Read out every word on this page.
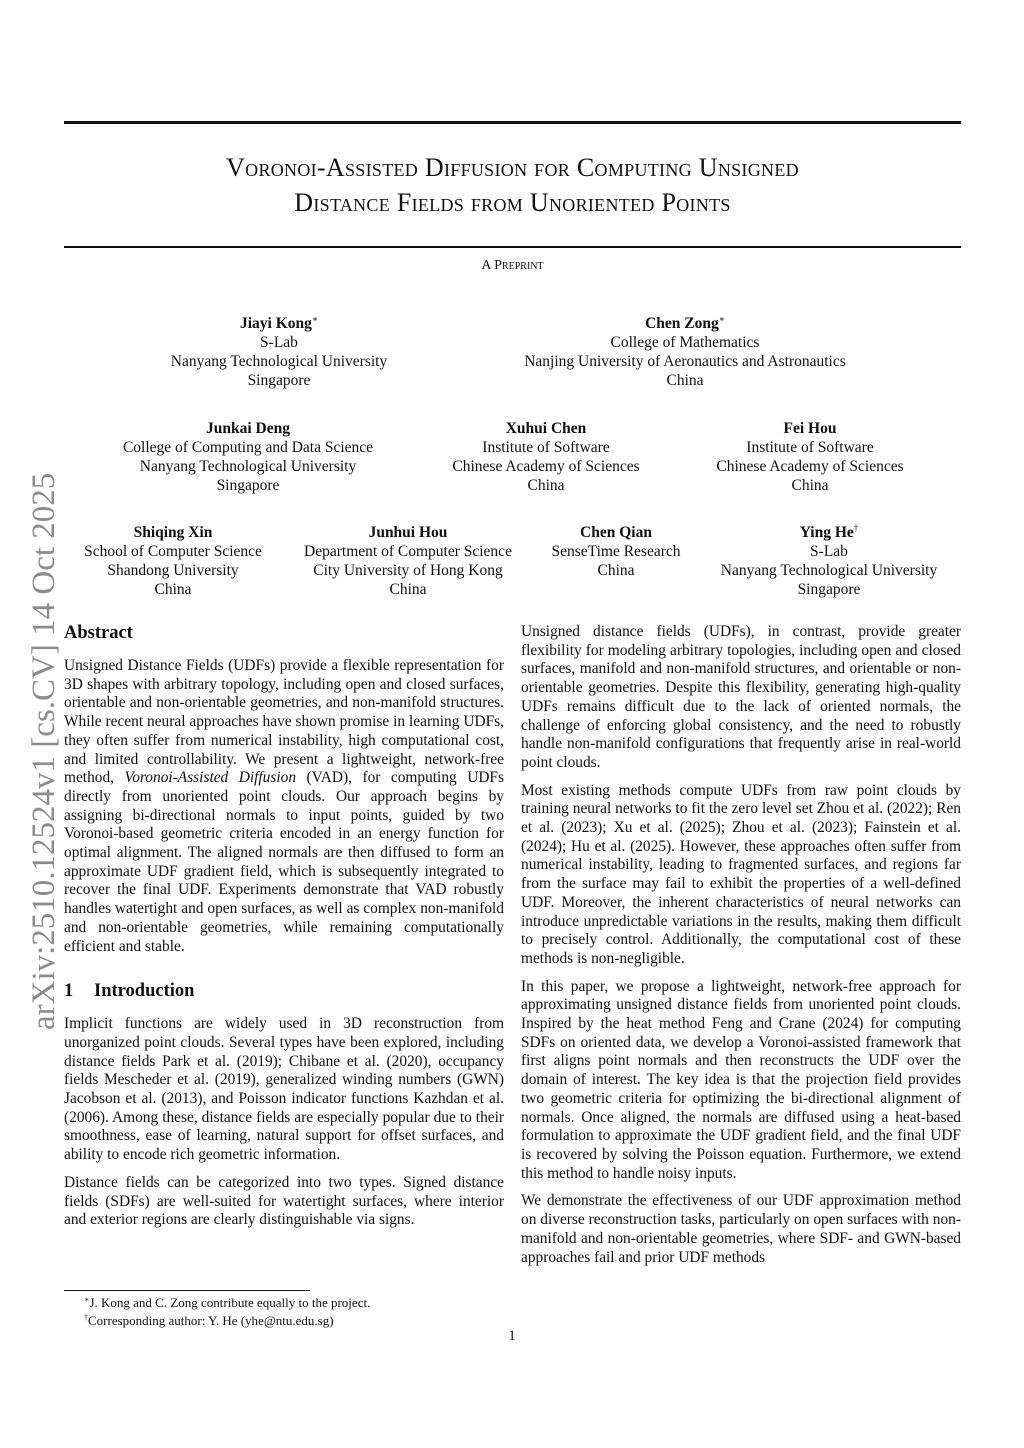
Voronoi-Assisted Diffusion for Computing Unsigned
Distance Fields from Unoriented Points
A Preprint
arXiv:2510.12524v1 [cs.CV] 14 Oct 2025
Jiayi Kong∗
S-Lab
Nanyang Technological University
Singapore
Chen Zong∗
College of Mathematics
Nanjing University of Aeronautics and Astronautics
China
Junkai Deng
College of Computing and Data Science
Nanyang Technological University
Singapore
Xuhui Chen
Institute of Software
Chinese Academy of Sciences
China
Fei Hou
Institute of Software
Chinese Academy of Sciences
China
Shiqing Xin
School of Computer Science
Shandong University
China
Junhui Hou
Department of Computer Science
City University of Hong Kong
China
Chen Qian
SenseTime Research
China
Ying He†
S-Lab
Nanyang Technological University
Singapore
Abstract

Unsigned Distance Fields (UDFs) provide a flexible representation for 3D shapes with arbitrary topology, including open and closed surfaces, orientable and non-orientable geometries, and non-manifold structures. While recent neural approaches have shown promise in learning UDFs, they often suffer from numerical instability, high computational cost, and limited controllability. We present a lightweight, network-free method, Voronoi-Assisted Diffusion (VAD), for computing UDFs directly from unoriented point clouds. Our approach begins by assigning bi-directional normals to input points, guided by two Voronoi-based geometric criteria encoded in an energy function for optimal alignment. The aligned normals are then diffused to form an approximate UDF gradient field, which is subsequently integrated to recover the final UDF. Experiments demonstrate that VAD robustly handles watertight and open surfaces, as well as complex non-manifold and non-orientable geometries, while remaining computationally efficient and stable.

1 Introduction

Implicit functions are widely used in 3D reconstruction from unorganized point clouds. Several types have been explored, including distance fields Park et al. (2019); Chibane et al. (2020), occupancy fields Mescheder et al. (2019), generalized winding numbers (GWN) Jacobson et al. (2013), and Poisson indicator functions Kazhdan et al. (2006). Among these, distance fields are especially popular due to their smoothness, ease of learning, natural support for offset surfaces, and ability to encode rich geometric information.

Distance fields can be categorized into two types. Signed distance fields (SDFs) are well-suited for watertight surfaces, where interior and exterior regions are clearly distinguishable via signs.

Unsigned distance fields (UDFs), in contrast, provide greater flexibility for modeling arbitrary topologies, including open and closed surfaces, manifold and non-manifold structures, and orientable or non-orientable geometries. Despite this flexibility, generating high-quality UDFs remains difficult due to the lack of oriented normals, the challenge of enforcing global consistency, and the need to robustly handle non-manifold configurations that frequently arise in real-world point clouds.

Most existing methods compute UDFs from raw point clouds by training neural networks to fit the zero level set Zhou et al. (2022); Ren et al. (2023); Xu et al. (2025); Zhou et al. (2023); Fainstein et al. (2024); Hu et al. (2025). However, these approaches often suffer from numerical instability, leading to fragmented surfaces, and regions far from the surface may fail to exhibit the properties of a well-defined UDF. Moreover, the inherent characteristics of neural networks can introduce unpredictable variations in the results, making them difficult to precisely control. Additionally, the computational cost of these methods is non-negligible.

In this paper, we propose a lightweight, network-free approach for approximating unsigned distance fields from unoriented point clouds. Inspired by the heat method Feng and Crane (2024) for computing SDFs on oriented data, we develop a Voronoi-assisted framework that first aligns point normals and then reconstructs the UDF over the domain of interest. The key idea is that the projection field provides two geometric criteria for optimizing the bi-directional alignment of normals. Once aligned, the normals are diffused using a heat-based formulation to approximate the UDF gradient field, and the final UDF is recovered by solving the Poisson equation. Furthermore, we extend this method to handle noisy inputs.

We demonstrate the effectiveness of our UDF approximation method on diverse reconstruction tasks, particularly on open surfaces with non-manifold and non-orientable geometries, where SDF- and GWN-based approaches fail and prior UDF methods

∗J. Kong and C. Zong contribute equally to the project.
†Corresponding author: Y. He (yhe@ntu.edu.sg)
1
